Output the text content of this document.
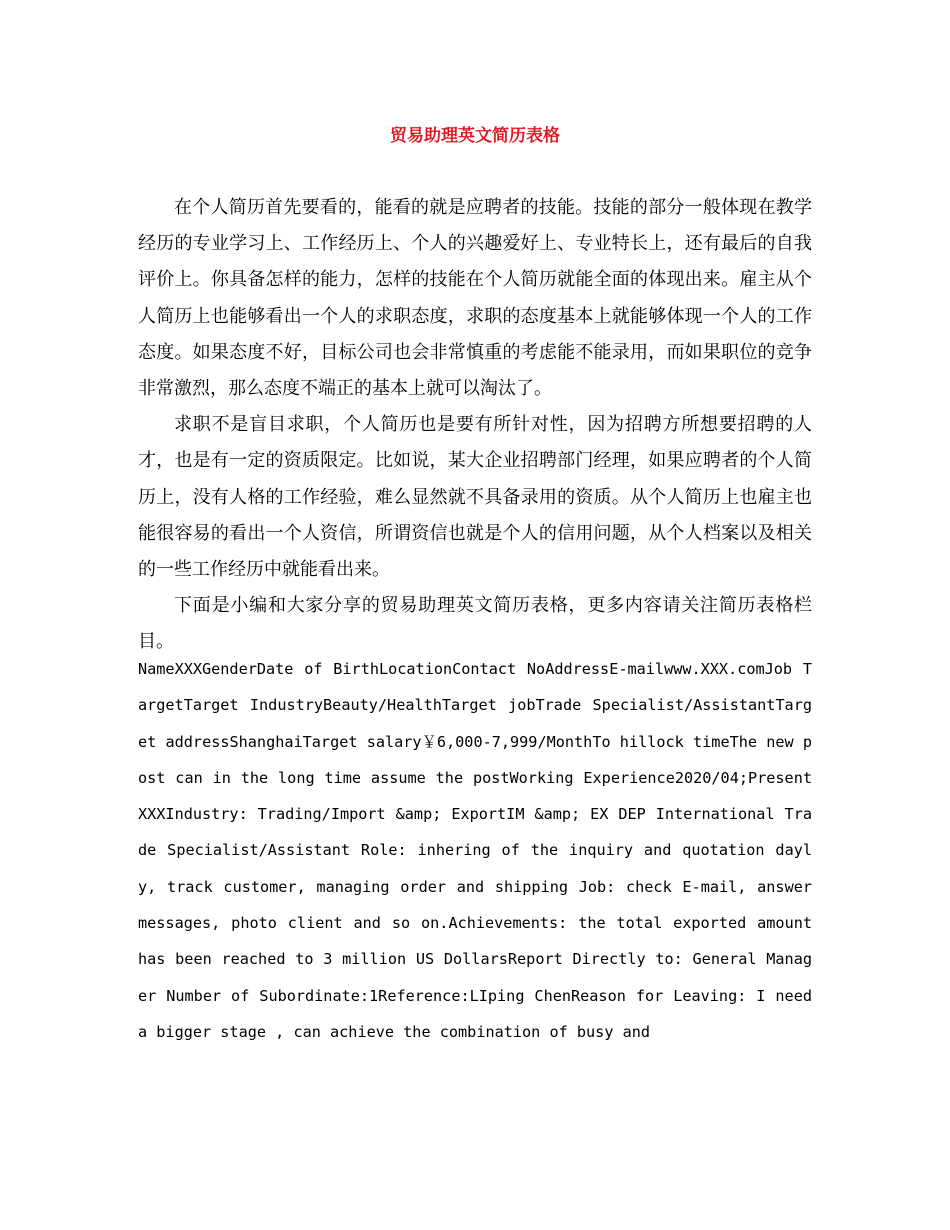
贸易助理英文简历表格

在个人简历首先要看的，能看的就是应聘者的技能。技能的部分一般体现在教学经历的专业学习上、工作经历上、个人的兴趣爱好上、专业特长上，还有最后的自我评价上。你具备怎样的能力，怎样的技能在个人简历就能全面的体现出来。雇主从个人简历上也能够看出一个人的求职态度，求职的态度基本上就能够体现一个人的工作态度。如果态度不好，目标公司也会非常慎重的考虑能不能录用，而如果职位的竞争非常激烈，那么态度不端正的基本上就可以淘汰了。

求职不是盲目求职，个人简历也是要有所针对性，因为招聘方所想要招聘的人才，也是有一定的资质限定。比如说，某大企业招聘部门经理，如果应聘者的个人简历上，没有人格的工作经验，难么显然就不具备录用的资质。从个人简历上也雇主也能很容易的看出一个人资信，所谓资信也就是个人的信用问题，从个人档案以及相关的一些工作经历中就能看出来。

下面是小编和大家分享的贸易助理英文简历表格，更多内容请关注简历表格栏目。

NameXXXGenderDate of BirthLocationContact NoAddressE-mailwww.XXX.comJob TargetTarget IndustryBeauty/HealthTarget jobTrade Specialist/AssistantTarget addressShanghaiTarget salary￥6,000-7,999/MonthTo hillock timeThe new post can in the long time assume the postWorking Experience2020/04;PresentXXXIndustry: Trading/Import &amp; ExportIM &amp; EX DEP International Trade Specialist/Assistant Role: inhering of the inquiry and quotation dayly, track customer, managing order and shipping Job: check E-mail, answer messages, photo client and so on.Achievements: the total exported amount has been reached to 3 million US DollarsReport Directly to: General Manager Number of Subordinate:1Reference:LIping ChenReason for Leaving: I need a bigger stage , can achieve the combination of busy and
